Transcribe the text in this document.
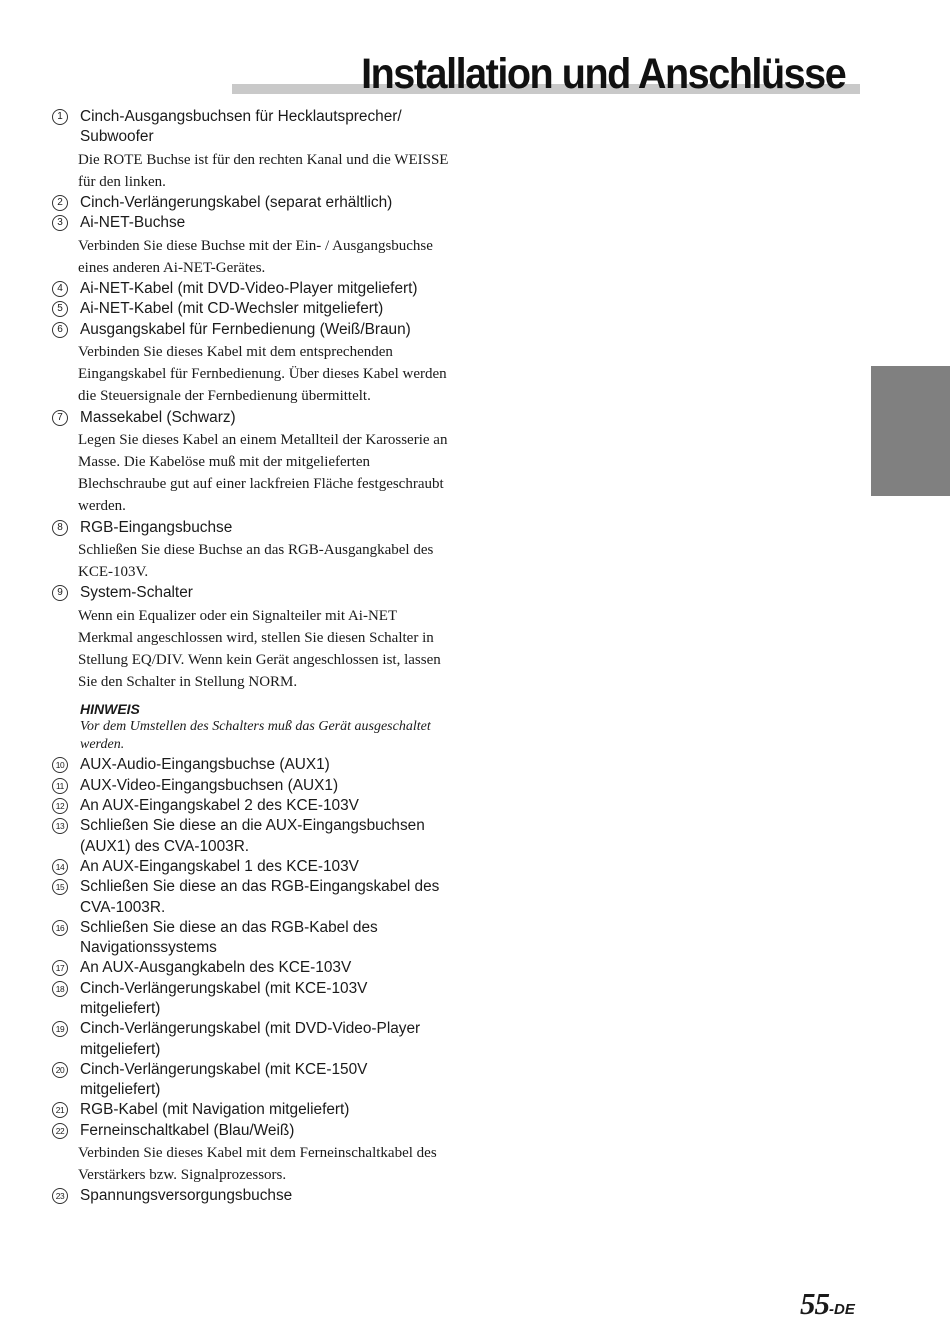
Installation und Anschlüsse
1	Cinch-Ausgangsbuchsen für Hecklautsprecher/ Subwoofer
Die ROTE Buchse ist für den rechten Kanal und die WEISSE für den linken.
2	Cinch-Verlängerungskabel (separat erhältlich)
3	Ai-NET-Buchse
Verbinden Sie diese Buchse mit der Ein- / Ausgangsbuchse eines anderen Ai-NET-Gerätes.
4	Ai-NET-Kabel (mit DVD-Video-Player mitgeliefert)
5	Ai-NET-Kabel (mit CD-Wechsler mitgeliefert)
6	Ausgangskabel für Fernbedienung (Weiß/Braun)
Verbinden Sie dieses Kabel mit dem entsprechenden Eingangskabel für Fernbedienung. Über dieses Kabel werden die Steuersignale der Fernbedienung übermittelt.
7	Massekabel (Schwarz)
Legen Sie dieses Kabel an einem Metallteil der Karosserie an Masse. Die Kabelöse muß mit der mitgelieferten Blechschraube gut auf einer lackfreien Fläche festgeschraubt werden.
8	RGB-Eingangsbuchse
Schließen Sie diese Buchse an das RGB-Ausgangkabel des KCE-103V.
9	System-Schalter
Wenn ein Equalizer oder ein Signalteiler mit Ai-NET Merkmal angeschlossen wird, stellen Sie diesen Schalter in Stellung EQ/DIV. Wenn kein Gerät angeschlossen ist, lassen Sie den Schalter in Stellung NORM.
HINWEIS
Vor dem Umstellen des Schalters muß das Gerät ausgeschaltet werden.
10 AUX-Audio-Eingangsbuchse (AUX1)
11 AUX-Video-Eingangsbuchsen (AUX1)
12 An AUX-Eingangskabel 2 des KCE-103V
13 Schließen Sie diese an die AUX-Eingangsbuchsen (AUX1) des CVA-1003R.
14 An AUX-Eingangskabel 1 des KCE-103V
15 Schließen Sie diese an das RGB-Eingangskabel des CVA-1003R.
16 Schließen Sie diese an das RGB-Kabel des Navigationssystems
17 An AUX-Ausgangkabeln des KCE-103V
18 Cinch-Verlängerungskabel (mit KCE-103V mitgeliefert)
19 Cinch-Verlängerungskabel (mit DVD-Video-Player mitgeliefert)
20 Cinch-Verlängerungskabel (mit KCE-150V mitgeliefert)
21 RGB-Kabel (mit Navigation mitgeliefert)
22 Ferneinschaltkabel (Blau/Weiß)
Verbinden Sie dieses Kabel mit dem Ferneinschaltkabel des Verstärkers bzw. Signalprozessors.
23 Spannungsversorgungsbuchse
55-DE
